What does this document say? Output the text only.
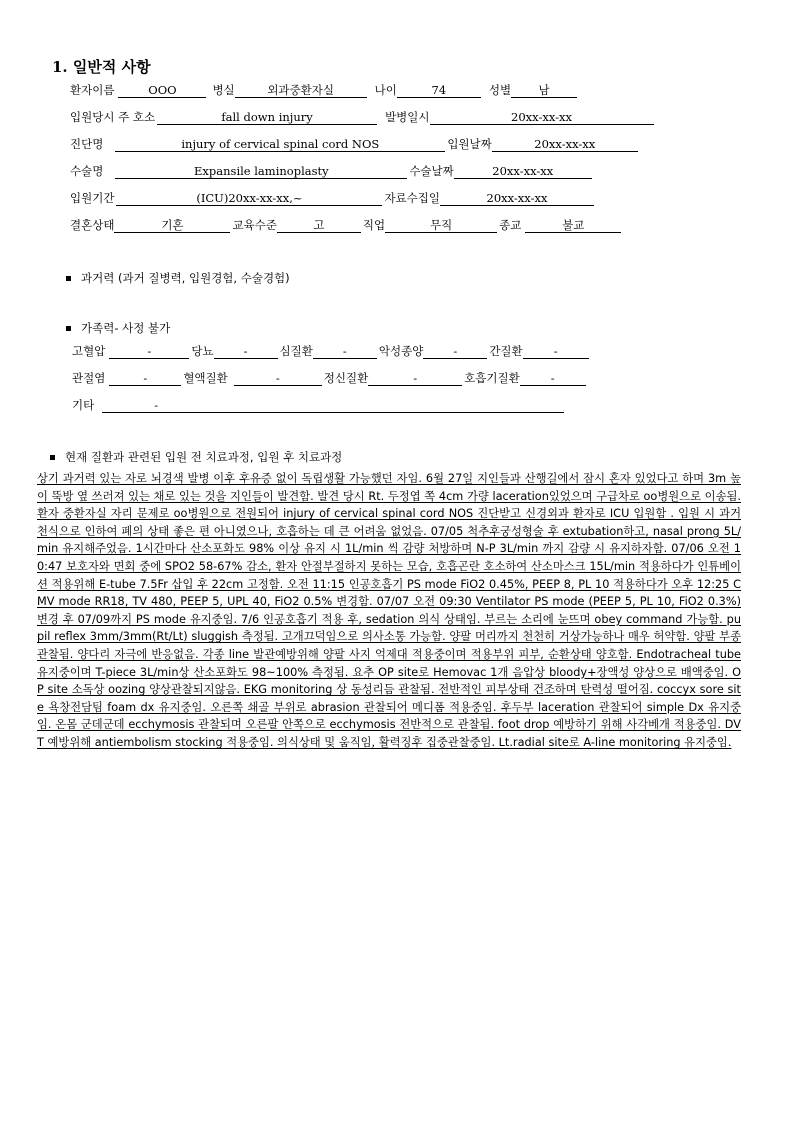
1. 일반적 사항
환자이름	OOO	병실	외과중환자실	나이	74	성별	남
입원당시 주 호소	fall down injury	발병일시	20xx-xx-xx
진단명	injury of cervical spinal cord NOS	입원날짜	20xx-xx-xx
수술명	Expansile laminoplasty	수술날짜	20xx-xx-xx
입원기간	(ICU)20xx-xx-xx,~	자료수집일	20xx-xx-xx
결혼상태	기혼	교육수준	고	직업	무직	종교	불교
과거력 (과거 질병력, 입원경험, 수술경험)
가족력- 사정 불가
고혈압	-	당뇨	-	심질환	-	악성종양	-	간질환	-
관절염	-	혈액질환	-	정신질환	-	호흡기질환	-
기타	-
현재 질환과 관련된 입원 전 치료과정, 입원 후 치료과정
상기 과거력 있는 자로 뇌경색 발병 이후 후유증 없이 독립생활 가능했던 자임. 6월 27일 지인들과 산행길에서 잠시 혼자 있었다고 하며 3m 높이 뚝방 옆 쓰러져 있는 채로 있는 것을 지인들이 발견함. 발견 당시 Rt. 두정엽 쪽 4cm 가량 laceration있었으며 구급차로 oo병원으로 이송됨. 환자 중환자실 자리 문제로 oo병원으로 전원되어 injury of cervical spinal cord NOS 진단받고 신경외과 환자로 ICU 입원함 . 입원 시 과거 천식으로 인하여 폐의 상태 좋은 편 아니였으나, 호흡하는 데 큰 어려움 없었음. 07/05 척추후궁성형술 후 extubation하고, nasal prong 5L/min 유지해주었음. 1시간마다 산소포화도 98% 이상 유지 시 1L/min 씩 감량 처방하며 N-P 3L/min 까지 감량 시 유지하자함. 07/06 오전 10:47 보호자와 면회 중에 SPO2 58-67% 감소, 환자 안절부절하지 못하는 모습, 호흡곤란 호소하여 산소마스크 15L/min 적용하다가 인튜베이션 적용위해 E-tube 7.5Fr 삽입 후 22cm 고정함. 오전 11:15 인공호흡기 PS mode FiO2 0.45%, PEEP 8, PL 10 적용하다가 오후 12:25 CMV mode RR18, TV 480, PEEP 5, UPL 40, FiO2 0.5% 변경함. 07/07 오전 09:30 Ventilator PS mode (PEEP 5, PL 10, FiO2 0.3%) 변경 후 07/09까지 PS mode 유지중임. 7/6 인공호흡기 적용 후, sedation 의식 상태임. 부르는 소리에 눈뜨며 obey command 가능함. pupil reflex 3mm/3mm(Rt/Lt) sluggish 측정됨. 고개끄덕임으로 의사소통 가능함. 양팔 머리까지 천천히 거상가능하나 매우 허약함. 양팔 부종 관찰됨. 양다리 자극에 반응없음. 각종 line 발관예방위해 양팔 사지 억제대 적용중이며 적용부위 피부, 순환상태 양호함. Endotracheal tube 유지중이며 T-piece 3L/min상 산소포화도 98~100% 측정됨. 요추 OP site로 Hemovac 1개 음압상 bloody+장액성 양상으로 배액중임. OP site 소독상 oozing 양상관찰되지않음. EKG monitoring 상 동성리듬 관찰됨. 전반적인 피부상태 건조하며 탄력성 떨어짐. coccyx sore site 욕창전담팀 foam dx 유지중임. 오른쪽 쇄골 부위로 abrasion 관찰되어 메디폼 적용중임. 후두부 laceration 관찰되어 simple Dx 유지중임. 온몸 군데군데 ecchymosis 관찰되며 오른팔 안쪽으로 ecchymosis 전반적으로 관찰됨. foot drop 예방하기 위해 사각베개 적용중임. DVT 예방위해 antiembolism stocking 적용중임. 의식상태 및 움직임, 활력징후 집중관찰중임. Lt.radial site로 A-line monitoring 유지중임.
